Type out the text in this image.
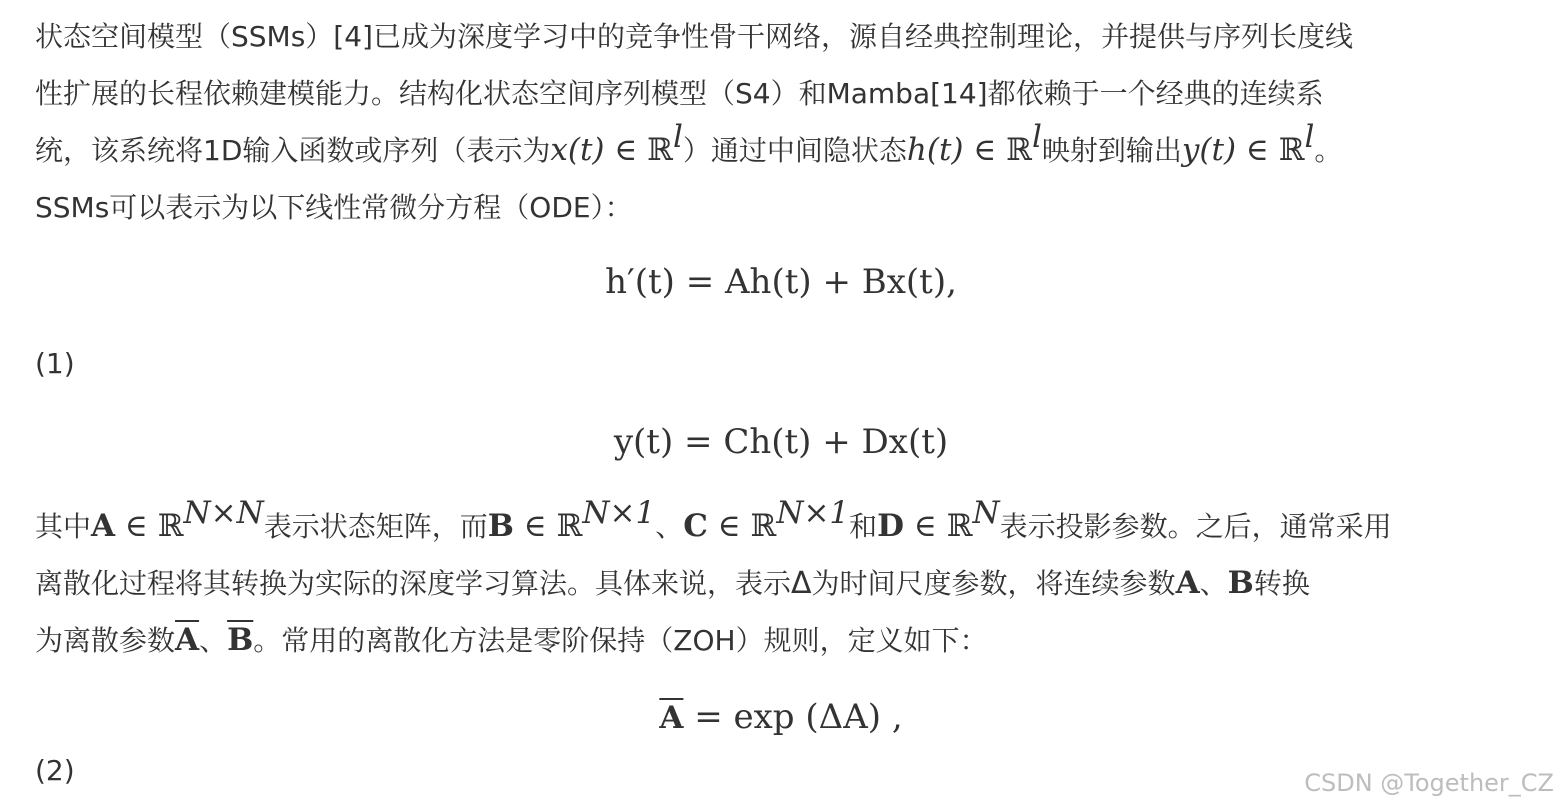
状态空间模型（SSMs）[4]已成为深度学习中的竞争性骨干网络，源自经典控制理论，并提供与序列长度线
性扩展的长程依赖建模能力。结构化状态空间序列模型（S4）和Mamba[14]都依赖于一个经典的连续系
统，该系统将1D输入函数或序列（表示为x(t) ∈ ℝ$^l$）通过中间隐状态h(t) ∈ ℝ$^l$映射到输出y(t) ∈ ℝ$^l$。
SSMs可以表示为以下线性常微分方程（ODE）：

h′(t) = Ah(t) + Bx(t),
(1)
y(t) = Ch(t) + Dx(t)

其中A ∈ ℝ$^{N\times N}$表示状态矩阵，而B ∈ ℝ$^{N\times 1}$、C ∈ ℝ$^{N\times 1}$和D ∈ ℝ$^N$表示投影参数。之后，通常采用
离散化过程将其转换为实际的深度学习算法。具体来说，表示Δ为时间尺度参数，将连续参数A、B转换
为离散参数$\overline{A}$、$\overline{B}$。常用的离散化方法是零阶保持（ZOH）规则，定义如下：

$\overline{A} = \exp (\Delta A)$ ,
(2)	CSDN @Together_CZ
